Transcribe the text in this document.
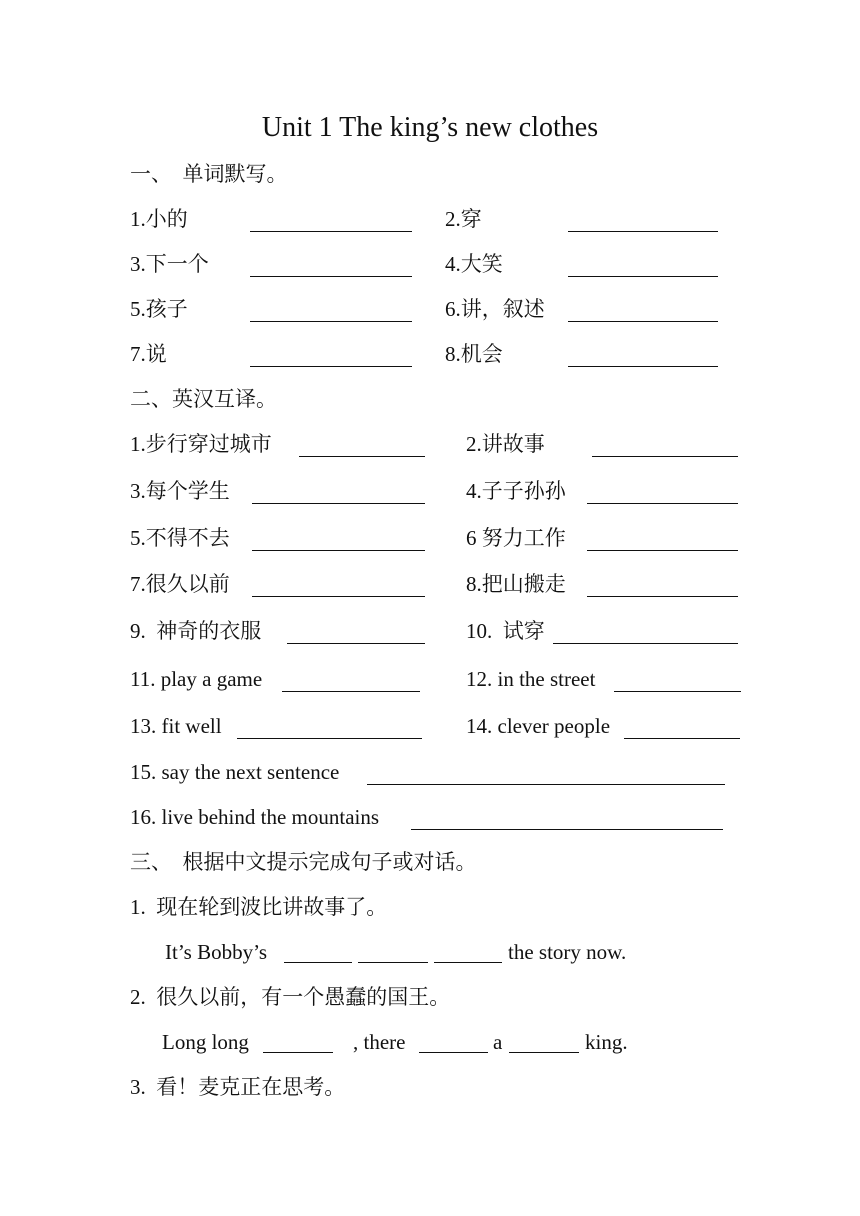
Unit 1 The king’s new clothes
一、  单词默写。
1.小的	2.穿
3.下一个	4.大笑
5.孩子	6.讲，叙述
7.说	8.机会
二、英汉互译。
1.步行穿过城市	2.讲故事
3.每个学生	4.子子孙孙
5.不得不去	6 努力工作
7.很久以前	8.把山搬走
9.  神奇的衣服	10.  试穿
11. play a game	12. in the street
13. fit well	14. clever people
15. say the next sentence
16. live behind the mountains
三、  根据中文提示完成句子或对话。
1.  现在轮到波比讲故事了。
It’s Bobby’s	the story now.
2.  很久以前，有一个愚蠢的国王。
Long long	, there	a	king.
3.  看！麦克正在思考。
